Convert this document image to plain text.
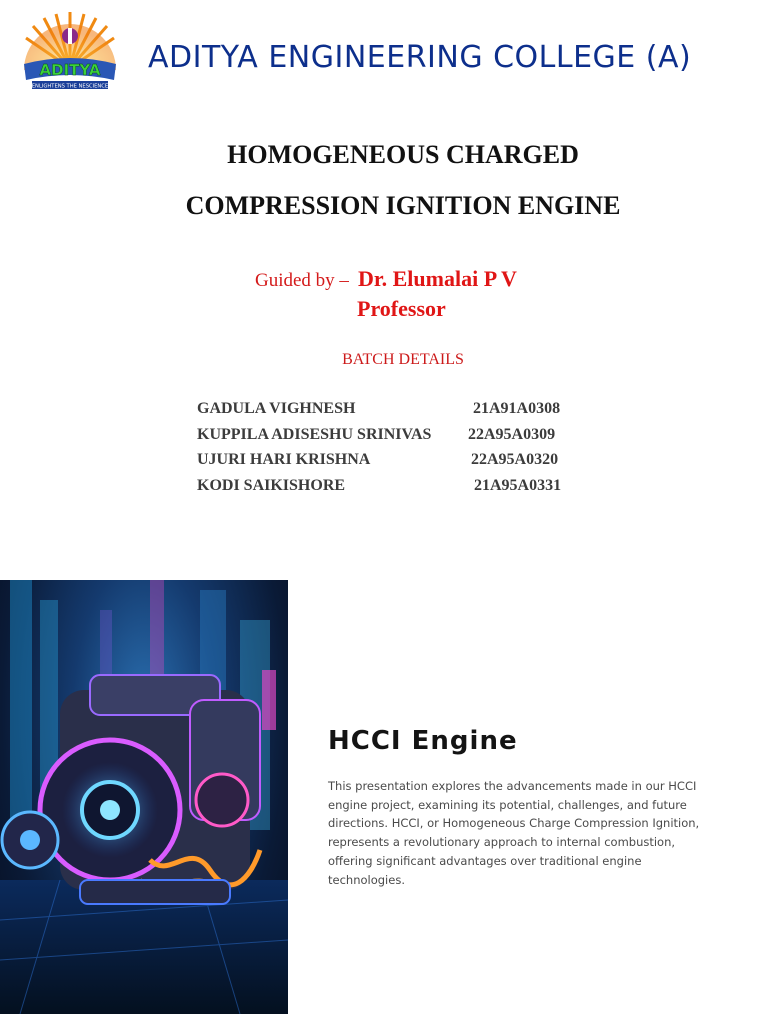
ADITYA
ENLIGHTENS THE NESCIENCE
ADITYA ENGINEERING COLLEGE (A)
HOMOGENEOUS CHARGED
COMPRESSION IGNITION ENGINE
Guided by – Dr. Elumalai P V
Professor
BATCH DETAILS
GADULA VIGHNESH	21A91A0308
KUPPILA ADISESHU SRINIVAS 22A95A0309
UJURI HARI KRISHNA	22A95A0320
KODI SAIKISHORE	21A95A0331
HCCI Engine
This presentation explores the advancements made in our HCCI engine project, examining its potential, challenges, and future directions. HCCI, or Homogeneous Charge Compression Ignition, represents a revolutionary approach to internal combustion, offering significant advantages over traditional engine technologies.
